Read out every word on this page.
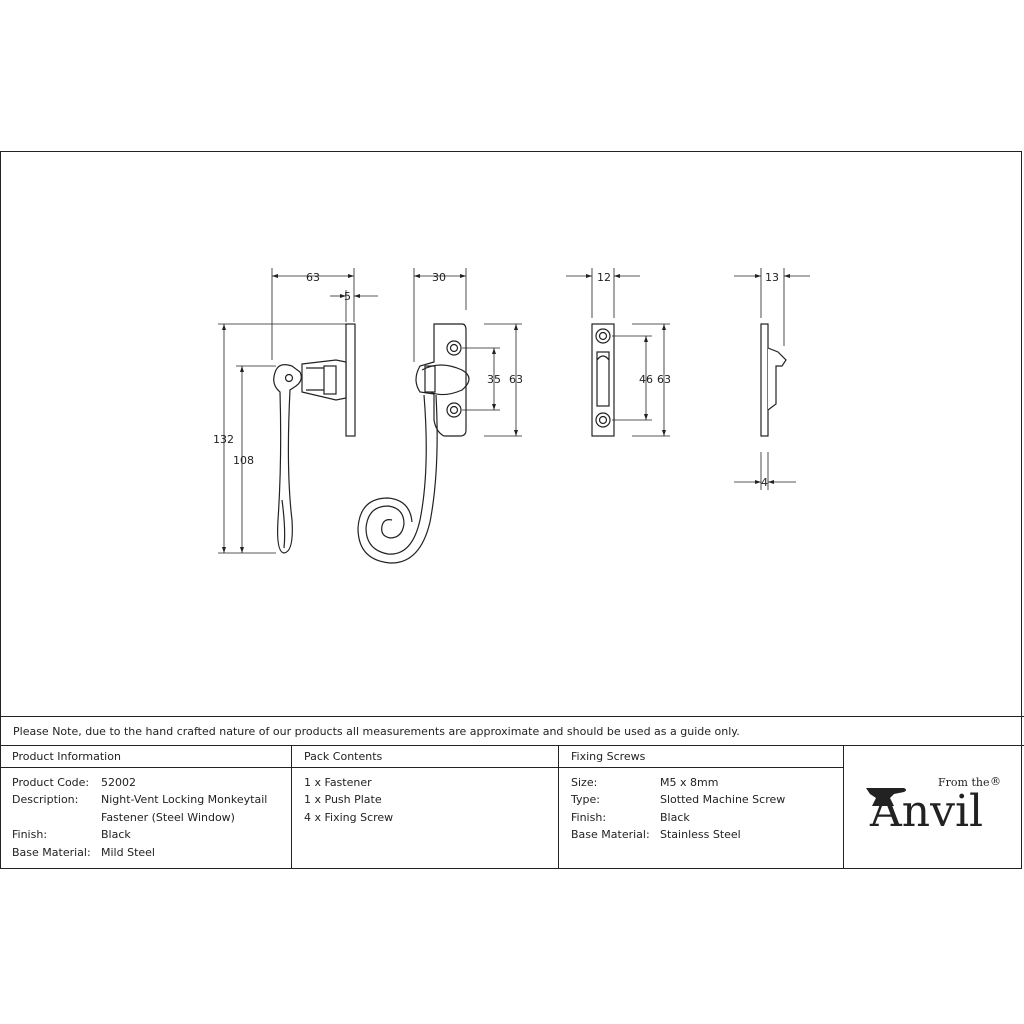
63
5
132
108
30
35 63
12
46 63
13
4
Please Note, due to the hand crafted nature of our products all measurements are approximate and should be used as a guide only.
Product Information
Product Code:	52002
Description:	Night-Vent Locking Monkeytail
Fastener (Steel Window)
Finish:	Black
Base Material: Mild Steel
Pack Contents
1 x Fastener
1 x Push Plate
4 x Fixing Screw
Fixing Screws
Size:	M5 x 8mm
Type:	Slotted Machine Screw
Finish:	Black
Base Material: Stainless Steel
From the ®
Anvil
